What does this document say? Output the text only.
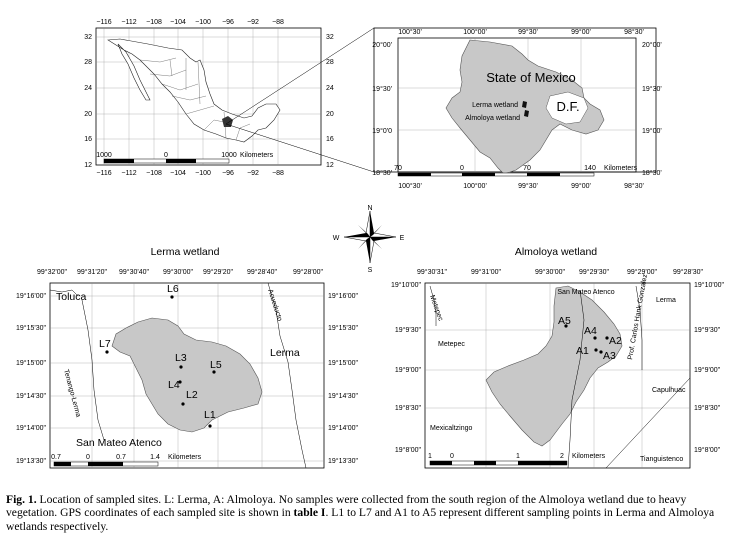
−116
−116
−112
−112
−108
−108
−104
−104
−100
−100
−96
−96
−92
−92
−88
−88
32	32
28	28
24	24
20	20
16	16
12	12
1000	0	1000 Kilometers
100°30'
100°30'
100°00'
100°00'
99°30'
99°30'
99°00'
99°00'
98°30'
98°30'
20°00'
19°30'
19°0'0
18°30'
20°00'
19°30'
19°00'
18°30'
State of Mexico
D.F.
Lerma wetland
Almoloya wetland
70	0	70	140 Kilometers
N
S
E
W
Lerma wetland
99°32'00" 99°31'20" 99°30'40" 99°30'00" 99°29'20" 99°28'40" 99°28'00"
19°16'00"	19°16'00"
19°15'30"	19°15'30"
19°15'00"	19°15'00"
19°14'30"	19°14'30"
19°14'00"	19°14'00"
19°13'30"	19°13'30"
Toluca
Lerma
San Mateo Atenco
Tenango-Lerma
Acueducto
L1
L2
L3
L4
L5
L6
L7
0.7	0	0.7	1.4 Kilometers
Almoloya wetland
99°30'31"	99°31'00"	99°30'00" 99°29'30"	99°29'00" 99°28'30"
19°10'00"	19°10'00"
19°9'30"	19°9'30"
19°9'00"	19°9'00"
19°8'30"	19°8'30"
19°8'00"	19°8'00"
San Mateo Atenco
Lerma
Metepec
Capulhuac
Mexicaltzingo
Tianguistenco
Metepec	Prof. Carlos Hank Gonzalez
A1
A2
A3
A4
A5
1	0	1	2 Kilometers
Fig. 1. Location of sampled sites. L: Lerma, A: Almoloya. No samples were collected from the south region of the Almoloya wetland due to heavy vegetation. GPS coordinates of each sampled site is shown in table I. L1 to L7 and A1 to A5 represent different sampling points in Lerma and Almoloya wetlands respectively.
